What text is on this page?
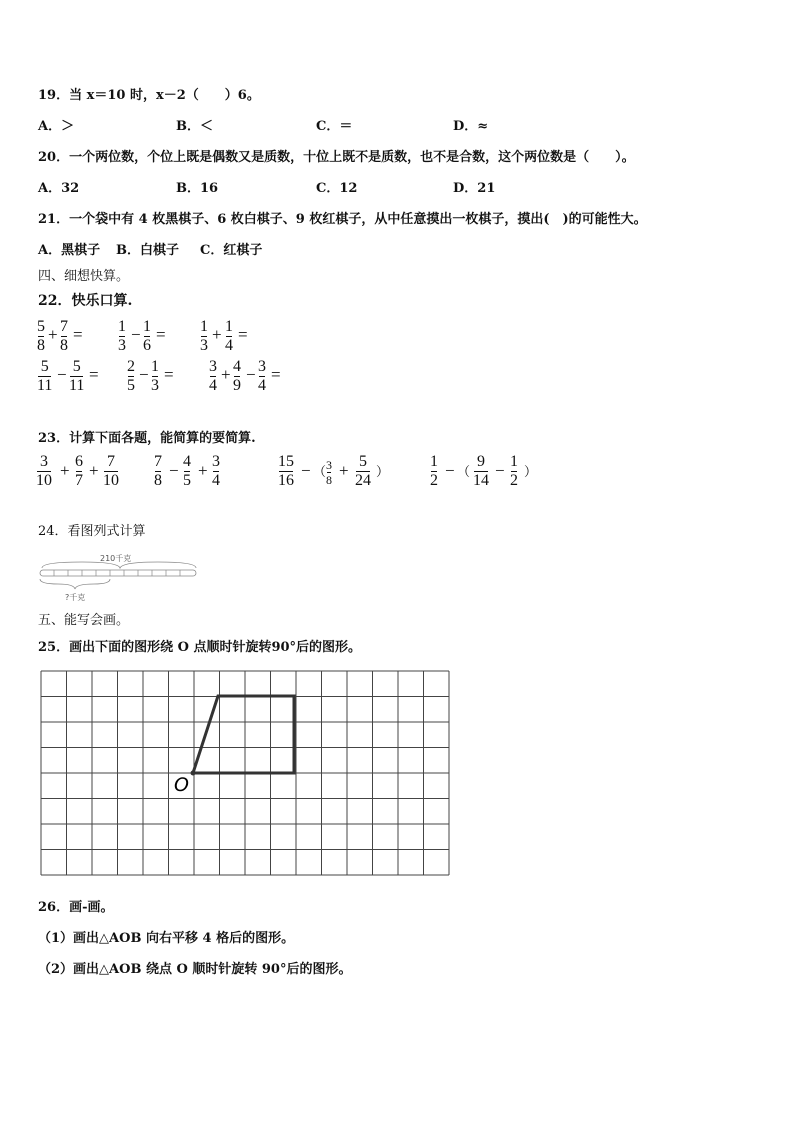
19．当 x＝10 时，x－2（　　）6。
A．＞	B．＜	C．＝	D．≈
20．一个两位数，个位上既是偶数又是质数，十位上既不是质数，也不是合数，这个两位数是（　　）。
A．32	B．16	C．12	D．21
21．一个袋中有 4 枚黑棋子、6 枚白棋子、9 枚红棋子，从中任意摸出一枚棋子，摸出(　)的可能性大。
A．黑棋子 B．白棋子 C．红棋子
四、细想快算。
22．快乐口算.
5
8
+ 7
8
= 1
3
− 1
6
= 1
3
+ 1
4
=
5
11
− 5
11
= 2
5
− 1
3
= 3
4
+ 4
9
− 3
4
=
23．计算下面各题，能简算的要简算.
3
10
+ 6
7
+ 7
10
7
8
− 4
5
+ 3
4
15
16
− （ 3
8 + 5
24
）
1
2
− （
9
14
− 1
2
）
24．看图列式计算
210千克
?千克
五、能写会画。
25．画出下面的图形绕 O 点顺时针旋转90°后的图形。
O
26．画-画。
（1）画出△AOB 向右平移 4 格后的图形。
（2）画出△AOB 绕点 O 顺时针旋转 90°后的图形。
